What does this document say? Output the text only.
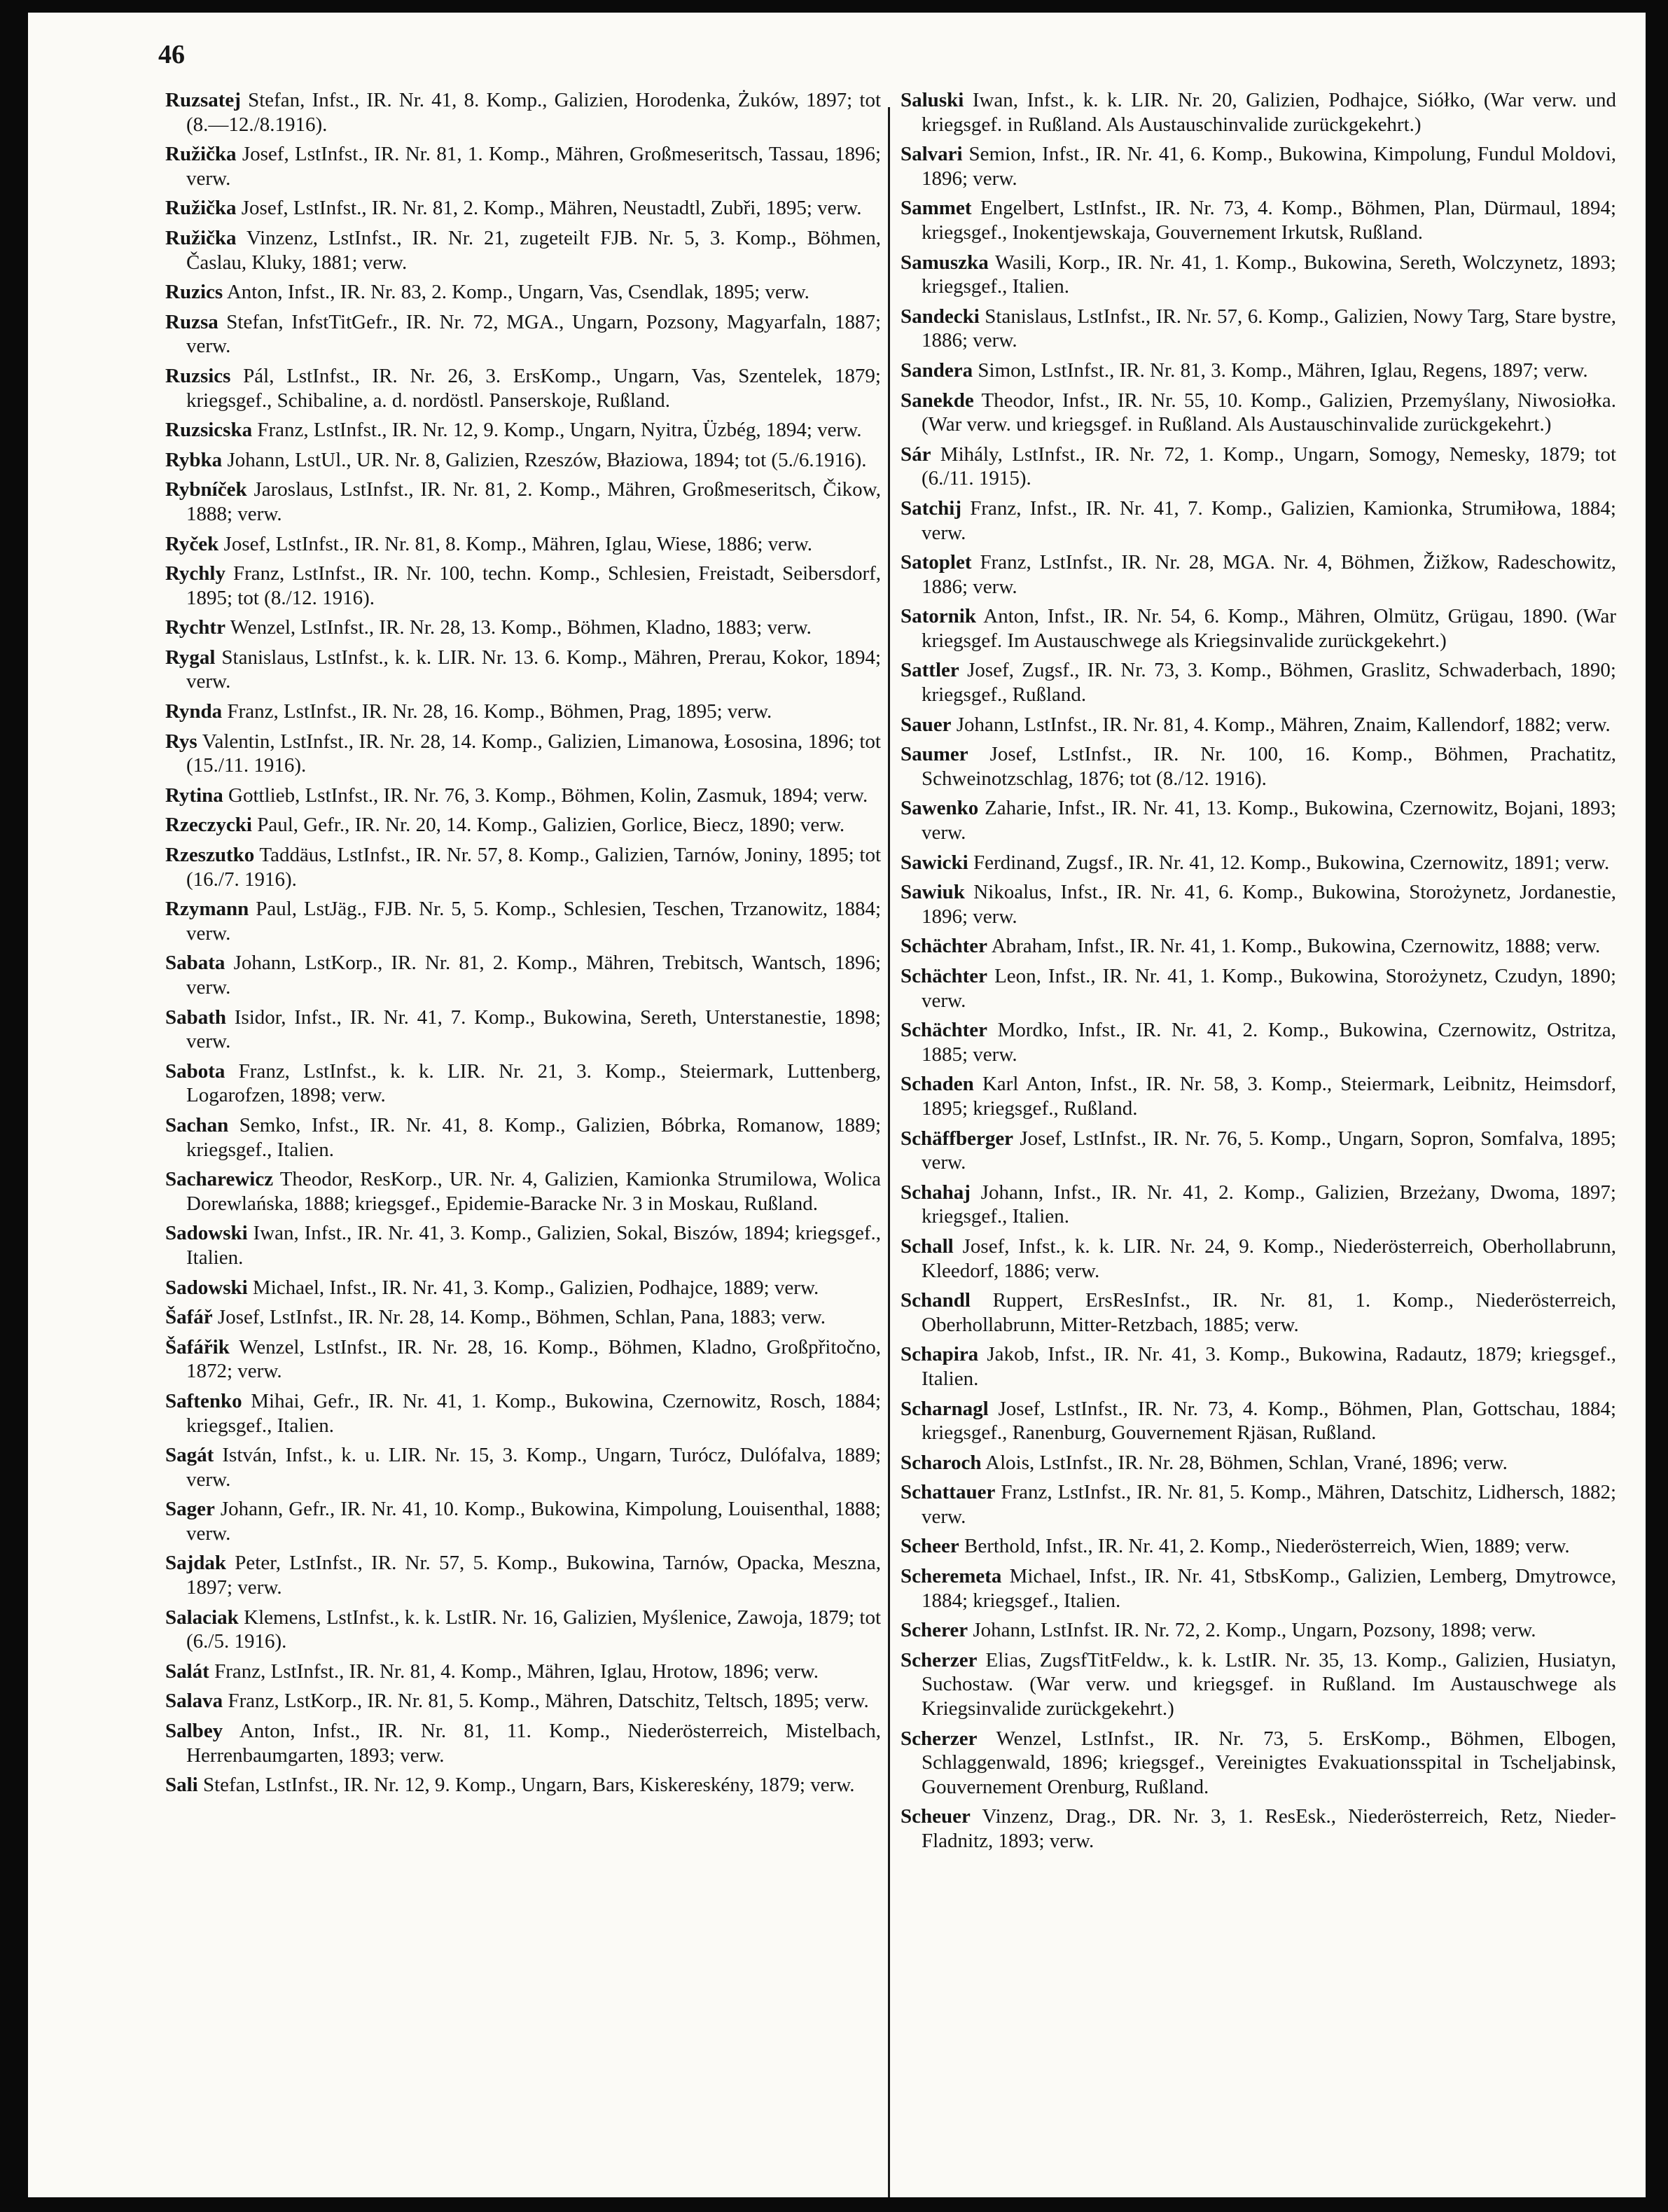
46
Ruzsatej Stefan, Infst., IR. Nr. 41, 8. Komp., Galizien, Horodenka, Żuków, 1897; tot (8.—12./8.1916).
Ružička Josef, LstInfst., IR. Nr. 81, 1. Komp., Mähren, Großmeseritsch, Tassau, 1896; verw.
Ružička Josef, LstInfst., IR. Nr. 81, 2. Komp., Mähren, Neustadtl, Zubři, 1895; verw.
Ružička Vinzenz, LstInfst., IR. Nr. 21, zugeteilt FJB. Nr. 5, 3. Komp., Böhmen, Časlau, Kluky, 1881; verw.
Ruzics Anton, Infst., IR. Nr. 83, 2. Komp., Ungarn, Vas, Csendlak, 1895; verw.
Ruzsa Stefan, InfstTitGefr., IR. Nr. 72, MGA., Ungarn, Pozsony, Magyarfaln, 1887; verw.
Ruzsics Pál, LstInfst., IR. Nr. 26, 3. ErsKomp., Ungarn, Vas, Szentelek, 1879; kriegsgef., Schibaline, a. d. nordöstl. Panserskoje, Rußland.
Ruzsicska Franz, LstInfst., IR. Nr. 12, 9. Komp., Ungarn, Nyitra, Üzbég, 1894; verw.
Rybka Johann, LstUl., UR. Nr. 8, Galizien, Rzeszów, Błaziowa, 1894; tot (5./6.1916).
Rybníček Jaroslaus, LstInfst., IR. Nr. 81, 2. Komp., Mähren, Großmeseritsch, Čikow, 1888; verw.
Ryček Josef, LstInfst., IR. Nr. 81, 8. Komp., Mähren, Iglau, Wiese, 1886; verw.
Rychly Franz, LstInfst., IR. Nr. 100, techn. Komp., Schlesien, Freistadt, Seibersdorf, 1895; tot (8./12. 1916).
Rychtr Wenzel, LstInfst., IR. Nr. 28, 13. Komp., Böhmen, Kladno, 1883; verw.
Rygal Stanislaus, LstInfst., k. k. LIR. Nr. 13. 6. Komp., Mähren, Prerau, Kokor, 1894; verw.
Rynda Franz, LstInfst., IR. Nr. 28, 16. Komp., Böhmen, Prag, 1895; verw.
Rys Valentin, LstInfst., IR. Nr. 28, 14. Komp., Galizien, Limanowa, Łososina, 1896; tot (15./11. 1916).
Rytina Gottlieb, LstInfst., IR. Nr. 76, 3. Komp., Böhmen, Kolin, Zasmuk, 1894; verw.
Rzeczycki Paul, Gefr., IR. Nr. 20, 14. Komp., Galizien, Gorlice, Biecz, 1890; verw.
Rzeszutko Taddäus, LstInfst., IR. Nr. 57, 8. Komp., Galizien, Tarnów, Joniny, 1895; tot (16./7. 1916).
Rzymann Paul, LstJäg., FJB. Nr. 5, 5. Komp., Schlesien, Teschen, Trzanowitz, 1884; verw.
Sabata Johann, LstKorp., IR. Nr. 81, 2. Komp., Mähren, Trebitsch, Wantsch, 1896; verw.
Sabath Isidor, Infst., IR. Nr. 41, 7. Komp., Bukowina, Sereth, Unterstanestie, 1898; verw.
Sabota Franz, LstInfst., k. k. LIR. Nr. 21, 3. Komp., Steiermark, Luttenberg, Logarofzen, 1898; verw.
Sachan Semko, Infst., IR. Nr. 41, 8. Komp., Galizien, Bóbrka, Romanow, 1889; kriegsgef., Italien.
Sacharewicz Theodor, ResKorp., UR. Nr. 4, Galizien, Kamionka Strumilowa, Wolica Dorewlańska, 1888; kriegsgef., Epidemie-Baracke Nr. 3 in Moskau, Rußland.
Sadowski Iwan, Infst., IR. Nr. 41, 3. Komp., Galizien, Sokal, Biszów, 1894; kriegsgef., Italien.
Sadowski Michael, Infst., IR. Nr. 41, 3. Komp., Galizien, Podhajce, 1889; verw.
Šafář Josef, LstInfst., IR. Nr. 28, 14. Komp., Böhmen, Schlan, Pana, 1883; verw.
Šafářik Wenzel, LstInfst., IR. Nr. 28, 16. Komp., Böhmen, Kladno, Großpřitočno, 1872; verw.
Saftenko Mihai, Gefr., IR. Nr. 41, 1. Komp., Bukowina, Czernowitz, Rosch, 1884; kriegsgef., Italien.
Sagát István, Infst., k. u. LIR. Nr. 15, 3. Komp., Ungarn, Turócz, Dulófalva, 1889; verw.
Sager Johann, Gefr., IR. Nr. 41, 10. Komp., Bukowina, Kimpolung, Louisenthal, 1888; verw.
Sajdak Peter, LstInfst., IR. Nr. 57, 5. Komp., Bukowina, Tarnów, Opacka, Meszna, 1897; verw.
Salaciak Klemens, LstInfst., k. k. LstIR. Nr. 16, Galizien, Myślenice, Zawoja, 1879; tot (6./5. 1916).
Salát Franz, LstInfst., IR. Nr. 81, 4. Komp., Mähren, Iglau, Hrotow, 1896; verw.
Salava Franz, LstKorp., IR. Nr. 81, 5. Komp., Mähren, Datschitz, Teltsch, 1895; verw.
Salbey Anton, Infst., IR. Nr. 81, 11. Komp., Niederösterreich, Mistelbach, Herrenbaumgarten, 1893; verw.
Sali Stefan, LstInfst., IR. Nr. 12, 9. Komp., Ungarn, Bars, Kiskereskény, 1879; verw.
Saluski Iwan, Infst., k. k. LIR. Nr. 20, Galizien, Podhajce, Siółko, (War verw. und kriegsgef. in Rußland. Als Austauschinvalide zurückgekehrt.)
Salvari Semion, Infst., IR. Nr. 41, 6. Komp., Bukowina, Kimpolung, Fundul Moldovi, 1896; verw.
Sammet Engelbert, LstInfst., IR. Nr. 73, 4. Komp., Böhmen, Plan, Dürmaul, 1894; kriegsgef., Inokentjewskaja, Gouvernement Irkutsk, Rußland.
Samuszka Wasili, Korp., IR. Nr. 41, 1. Komp., Bukowina, Sereth, Wolczynetz, 1893; kriegsgef., Italien.
Sandecki Stanislaus, LstInfst., IR. Nr. 57, 6. Komp., Galizien, Nowy Targ, Stare bystre, 1886; verw.
Sandera Simon, LstInfst., IR. Nr. 81, 3. Komp., Mähren, Iglau, Regens, 1897; verw.
Sanekde Theodor, Infst., IR. Nr. 55, 10. Komp., Galizien, Przemyślany, Niwosiołka. (War verw. und kriegsgef. in Rußland. Als Austauschinvalide zurückgekehrt.)
Sár Mihály, LstInfst., IR. Nr. 72, 1. Komp., Ungarn, Somogy, Nemesky, 1879; tot (6./11. 1915).
Satchij Franz, Infst., IR. Nr. 41, 7. Komp., Galizien, Kamionka, Strumiłowa, 1884; verw.
Satoplet Franz, LstInfst., IR. Nr. 28, MGA. Nr. 4, Böhmen, Žižkow, Radeschowitz, 1886; verw.
Satornik Anton, Infst., IR. Nr. 54, 6. Komp., Mähren, Olmütz, Grügau, 1890. (War kriegsgef. Im Austauschwege als Kriegsinvalide zurückgekehrt.)
Sattler Josef, Zugsf., IR. Nr. 73, 3. Komp., Böhmen, Graslitz, Schwaderbach, 1890; kriegsgef., Rußland.
Sauer Johann, LstInfst., IR. Nr. 81, 4. Komp., Mähren, Znaim, Kallendorf, 1882; verw.
Saumer Josef, LstInfst., IR. Nr. 100, 16. Komp., Böhmen, Prachatitz, Schweinotzschlag, 1876; tot (8./12. 1916).
Sawenko Zaharie, Infst., IR. Nr. 41, 13. Komp., Bukowina, Czernowitz, Bojani, 1893; verw.
Sawicki Ferdinand, Zugsf., IR. Nr. 41, 12. Komp., Bukowina, Czernowitz, 1891; verw.
Sawiuk Nikoalus, Infst., IR. Nr. 41, 6. Komp., Bukowina, Storożynetz, Jordanestie, 1896; verw.
Schächter Abraham, Infst., IR. Nr. 41, 1. Komp., Bukowina, Czernowitz, 1888; verw.
Schächter Leon, Infst., IR. Nr. 41, 1. Komp., Bukowina, Storożynetz, Czudyn, 1890; verw.
Schächter Mordko, Infst., IR. Nr. 41, 2. Komp., Bukowina, Czernowitz, Ostritza, 1885; verw.
Schaden Karl Anton, Infst., IR. Nr. 58, 3. Komp., Steiermark, Leibnitz, Heimsdorf, 1895; kriegsgef., Rußland.
Schäffberger Josef, LstInfst., IR. Nr. 76, 5. Komp., Ungarn, Sopron, Somfalva, 1895; verw.
Schahaj Johann, Infst., IR. Nr. 41, 2. Komp., Galizien, Brzeżany, Dwoma, 1897; kriegsgef., Italien.
Schall Josef, Infst., k. k. LIR. Nr. 24, 9. Komp., Niederösterreich, Oberhollabrunn, Kleedorf, 1886; verw.
Schandl Ruppert, ErsResInfst., IR. Nr. 81, 1. Komp., Niederösterreich, Oberhollabrunn, Mitter-Retzbach, 1885; verw.
Schapira Jakob, Infst., IR. Nr. 41, 3. Komp., Bukowina, Radautz, 1879; kriegsgef., Italien.
Scharnagl Josef, LstInfst., IR. Nr. 73, 4. Komp., Böhmen, Plan, Gottschau, 1884; kriegsgef., Ranenburg, Gouvernement Rjäsan, Rußland.
Scharoch Alois, LstInfst., IR. Nr. 28, Böhmen, Schlan, Vrané, 1896; verw.
Schattauer Franz, LstInfst., IR. Nr. 81, 5. Komp., Mähren, Datschitz, Lidhersch, 1882; verw.
Scheer Berthold, Infst., IR. Nr. 41, 2. Komp., Niederösterreich, Wien, 1889; verw.
Scheremeta Michael, Infst., IR. Nr. 41, StbsKomp., Galizien, Lemberg, Dmytrowce, 1884; kriegsgef., Italien.
Scherer Johann, LstInfst. IR. Nr. 72, 2. Komp., Ungarn, Pozsony, 1898; verw.
Scherzer Elias, ZugsfTitFeldw., k. k. LstIR. Nr. 35, 13. Komp., Galizien, Husiatyn, Suchostaw. (War verw. und kriegsgef. in Rußland. Im Austauschwege als Kriegsinvalide zurückgekehrt.)
Scherzer Wenzel, LstInfst., IR. Nr. 73, 5. ErsKomp., Böhmen, Elbogen, Schlaggenwald, 1896; kriegsgef., Vereinigtes Evakuationsspital in Tscheljabinsk, Gouvernement Orenburg, Rußland.
Scheuer Vinzenz, Drag., DR. Nr. 3, 1. ResEsk., Niederösterreich, Retz, Nieder-Fladnitz, 1893; verw.
